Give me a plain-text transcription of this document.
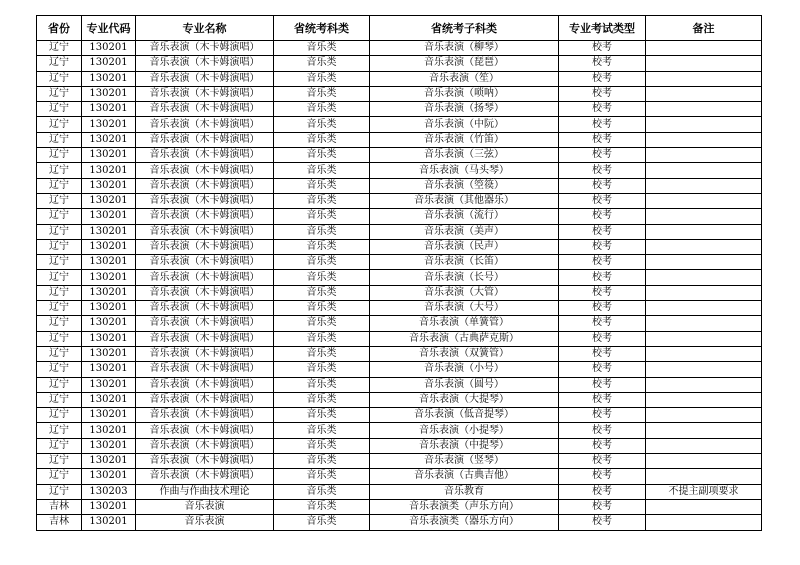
省份	专业代码	专业名称	省统考科类	省统考子科类	专业考试类型	备注
辽宁	130201	音乐表演（木卡姆演唱）	音乐类	音乐表演（柳琴）	校考	
辽宁	130201	音乐表演（木卡姆演唱）	音乐类	音乐表演（琵琶）	校考	
辽宁	130201	音乐表演（木卡姆演唱）	音乐类	音乐表演（笙）	校考	
辽宁	130201	音乐表演（木卡姆演唱）	音乐类	音乐表演（唢呐）	校考	
辽宁	130201	音乐表演（木卡姆演唱）	音乐类	音乐表演（扬琴）	校考	
辽宁	130201	音乐表演（木卡姆演唱）	音乐类	音乐表演（中阮）	校考	
辽宁	130201	音乐表演（木卡姆演唱）	音乐类	音乐表演（竹笛）	校考	
辽宁	130201	音乐表演（木卡姆演唱）	音乐类	音乐表演（三弦）	校考	
辽宁	130201	音乐表演（木卡姆演唱）	音乐类	音乐表演（马头琴）	校考	
辽宁	130201	音乐表演（木卡姆演唱）	音乐类	音乐表演（箜篌）	校考	
辽宁	130201	音乐表演（木卡姆演唱）	音乐类	音乐表演（其他器乐）	校考	
辽宁	130201	音乐表演（木卡姆演唱）	音乐类	音乐表演（流行）	校考	
辽宁	130201	音乐表演（木卡姆演唱）	音乐类	音乐表演（美声）	校考	
辽宁	130201	音乐表演（木卡姆演唱）	音乐类	音乐表演（民声）	校考	
辽宁	130201	音乐表演（木卡姆演唱）	音乐类	音乐表演（长笛）	校考	
辽宁	130201	音乐表演（木卡姆演唱）	音乐类	音乐表演（长号）	校考	
辽宁	130201	音乐表演（木卡姆演唱）	音乐类	音乐表演（大管）	校考	
辽宁	130201	音乐表演（木卡姆演唱）	音乐类	音乐表演（大号）	校考	
辽宁	130201	音乐表演（木卡姆演唱）	音乐类	音乐表演（单簧管）	校考	
辽宁	130201	音乐表演（木卡姆演唱）	音乐类	音乐表演（古典萨克斯）	校考	
辽宁	130201	音乐表演（木卡姆演唱）	音乐类	音乐表演（双簧管）	校考	
辽宁	130201	音乐表演（木卡姆演唱）	音乐类	音乐表演（小号）	校考	
辽宁	130201	音乐表演（木卡姆演唱）	音乐类	音乐表演（圆号）	校考	
辽宁	130201	音乐表演（木卡姆演唱）	音乐类	音乐表演（大提琴）	校考	
辽宁	130201	音乐表演（木卡姆演唱）	音乐类	音乐表演（低音提琴）	校考	
辽宁	130201	音乐表演（木卡姆演唱）	音乐类	音乐表演（小提琴）	校考	
辽宁	130201	音乐表演（木卡姆演唱）	音乐类	音乐表演（中提琴）	校考	
辽宁	130201	音乐表演（木卡姆演唱）	音乐类	音乐表演（竖琴）	校考	
辽宁	130201	音乐表演（木卡姆演唱）	音乐类	音乐表演（古典吉他）	校考	
辽宁	130203	作曲与作曲技术理论	音乐类	音乐教育	校考	不提主副项要求
吉林	130201	音乐表演	音乐类	音乐表演类（声乐方向）	校考	
吉林	130201	音乐表演	音乐类	音乐表演类（器乐方向）	校考	
